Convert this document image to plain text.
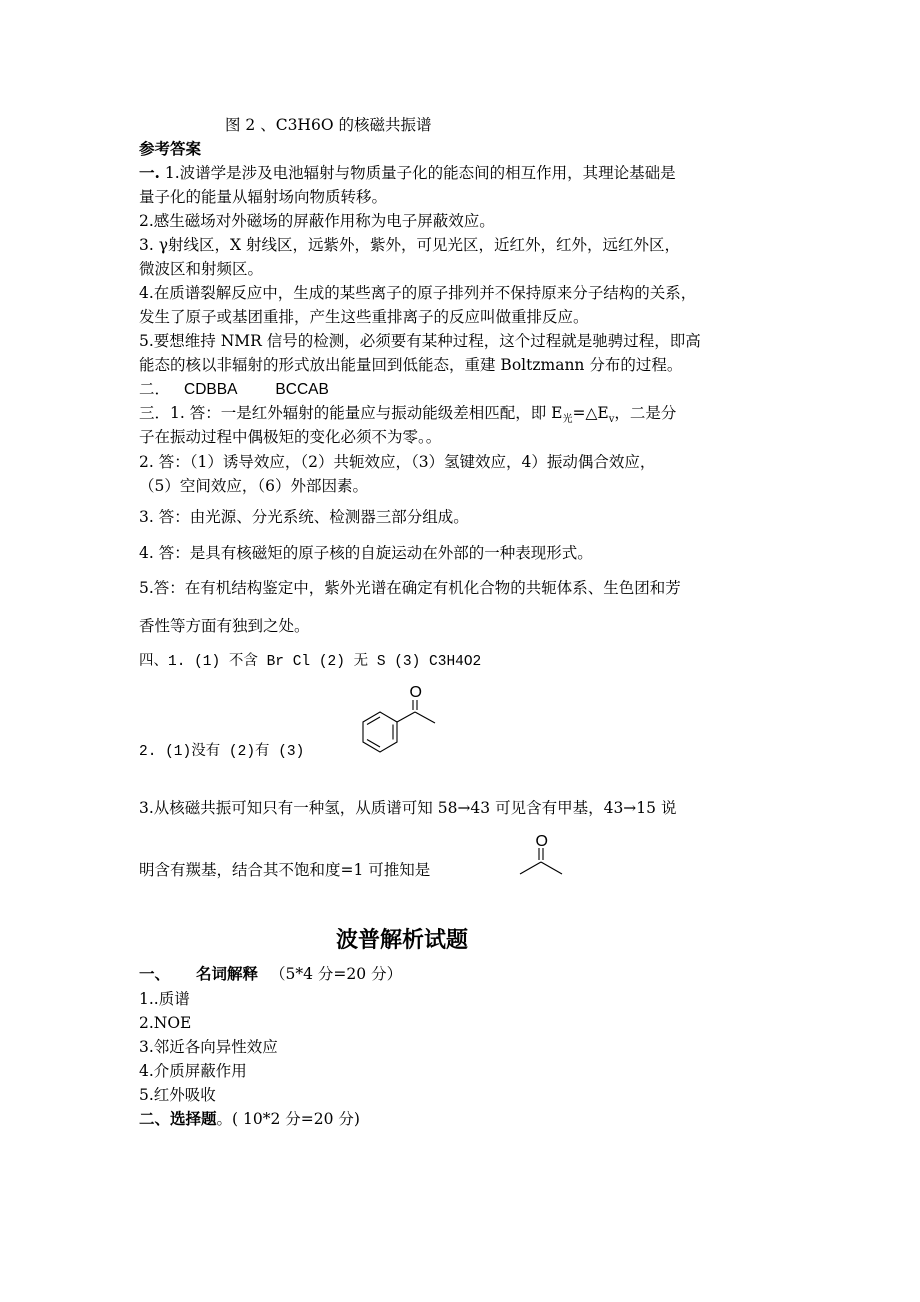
图 2 、C3H6O 的核磁共振谱
参考答案
一. 1.波谱学是涉及电池辐射与物质量子化的能态间的相互作用，其理论基础是
量子化的能量从辐射场向物质转移。
2.感生磁场对外磁场的屏蔽作用称为电子屏蔽效应。
3. γ射线区，X 射线区，远紫外，紫外，可见光区，近红外，红外，远红外区，
微波区和射频区。
4.在质谱裂解反应中，生成的某些离子的原子排列并不保持原来分子结构的关系，
发生了原子或基团重排，产生这些重排离子的反应叫做重排反应。
5.要想维持 NMR 信号的检测，必须要有某种过程，这个过程就是驰骋过程，即高
能态的核以非辐射的形式放出能量回到低能态，重建 Boltzmann 分布的过程。
二． CDBBA BCCAB
三．1. 答：一是红外辐射的能量应与振动能级差相匹配，即 $E_光=\triangle E_v$，二是分
子在振动过程中偶极矩的变化必须不为零。。
2. 答：（1）诱导效应，（2）共轭效应，（3）氢键效应，4）振动偶合效应，
（5）空间效应，（6）外部因素。
3. 答：由光源、分光系统、检测器三部分组成。
4. 答：是具有核磁矩的原子核的自旋运动在外部的一种表现形式。
5.答：在有机结构鉴定中，紫外光谱在确定有机化合物的共轭体系、生色团和芳
香性等方面有独到之处。
四、1. (1) 不含 Br Cl (2) 无 S (3) C3H4O2
2. (1)没有 (2)有 (3)
O
3.从核磁共振可知只有一种氢，从质谱可知 58→43 可见含有甲基，43→15 说
明含有羰基，结合其不饱和度=1 可推知是
O
波普解析试题
一、 名词解释 （5*4 分=20 分）
1..质谱
2.NOE
3.邻近各向异性效应
4.介质屏蔽作用
5.红外吸收
二、选择题。( 10*2 分=20 分)
